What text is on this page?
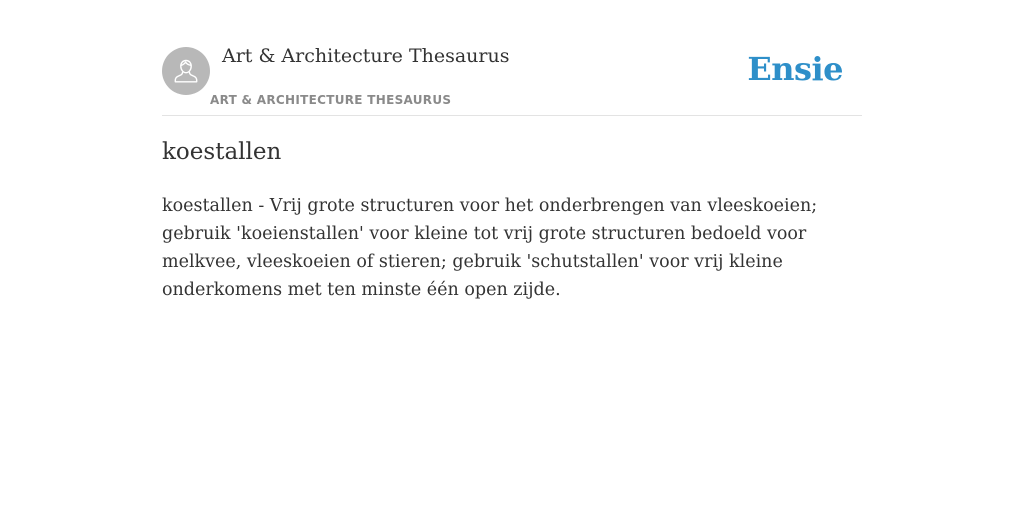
Art & Architecture Thesaurus
ART & ARCHITECTURE THESAURUS
Ensie
koestallen

koestallen - Vrij grote structuren voor het onderbrengen van vleeskoeien; gebruik 'koeienstallen' voor kleine tot vrij grote structuren bedoeld voor melkvee, vleeskoeien of stieren; gebruik 'schutstallen' voor vrij kleine onderkomens met ten minste één open zijde.
